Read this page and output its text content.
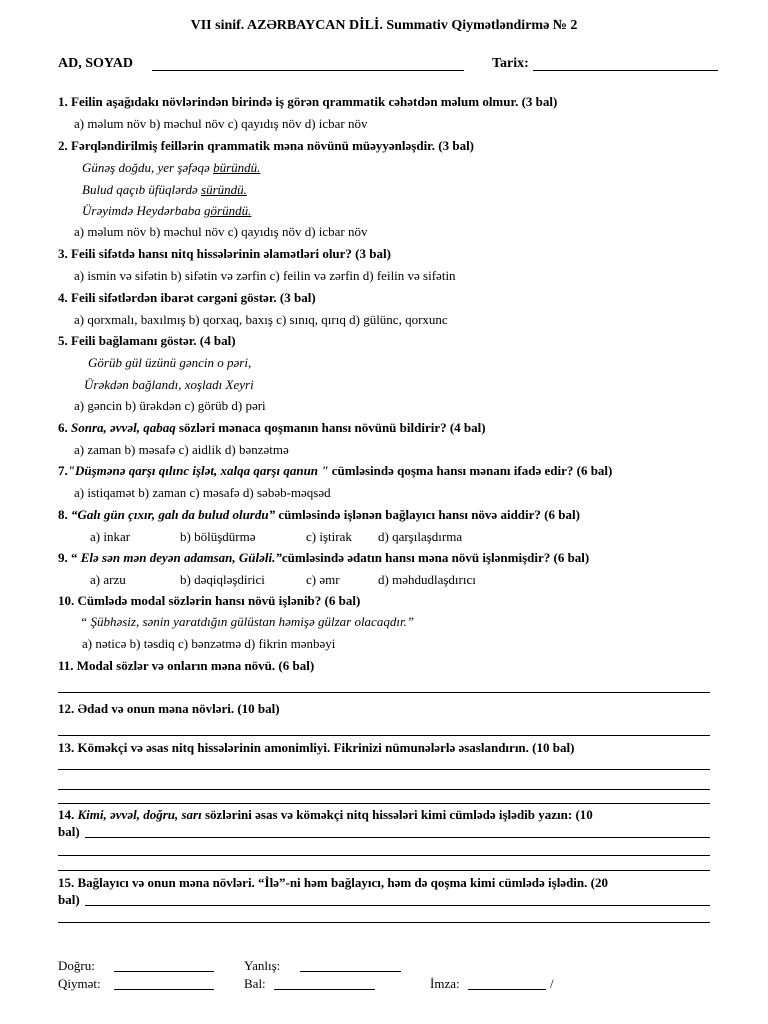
VII sinif. AZƏRBAYCAN DİLİ. Summativ Qiymətləndirmə № 2
AD, SOYAD	Tarix:
1. Feilin aşağıdakı növlərindən birində iş görən qrammatik cəhətdən məlum olmur. (3 bal)
a) məlum növ b) məchul növ c) qayıdış növ d) icbar növ
2. Fərqləndirilmiş feillərin qrammatik məna növünü müəyyənləşdir. (3 bal)
Günəş doğdu, yer şəfəqə büründü.
Bulud qaçıb üfüqlərdə süründü.
Ürəyimdə Heydərbaba göründü.
a) məlum növ b) məchul növ c) qayıdış növ d) icbar növ
3. Feili sifətdə hansı nitq hissələrinin əlamətləri olur? (3 bal)
a) ismin və sifətin b) sifətin və zərfin c) feilin və zərfin d) feilin və sifətin
4. Feili sifətlərdən ibarət cərgəni göstər. (3 bal)
a) qorxmalı, baxılmış b) qorxaq, baxış c) sınıq, qırıq d) gülünc, qorxunc
5. Feili bağlamanı göstər. (4 bal)
Görüb gül üzünü gəncin o pəri,
Ürəkdən bağlandı, xoşladı Xeyri
a) gəncin b) ürəkdən c) görüb d) pəri
6. Sonra, əvvəl, qabaq sözləri mənaca qoşmanın hansı növünü bildirir? (4 bal)
a) zaman b) məsafə c) aidlik d) bənzətmə
7."Düşmənə qarşı qılınc işlət, xalqa qarşı qanun " cümləsində qoşma hansı mənanı ifadə edir? (6 bal)
a) istiqamət b) zaman c) məsafə d) səbəb-məqsəd
8. “Galı gün çıxır, galı da bulud olurdu” cümləsində işlənən bağlayıcı hansı növə aiddir? (6 bal)
a) inkar	b) bölüşdürmə	c) iştirak d) qarşılaşdırma
9. “ Elə sən mən deyən adamsan, Güləli.”cümləsində ədatın hansı məna növü işlənmişdir? (6 bal)
a) arzu	b) dəqiqləşdirici	c) əmr	d) məhdudlaşdırıcı
10. Cümlədə modal sözlərin hansı növü işlənib? (6 bal)
“ Şübhəsiz, sənin yaratdığın gülüstan həmişə gülzar olacaqdır.”
a) nəticə b) təsdiq c) bənzətmə d) fikrin mənbəyi
11. Modal sözlər və onların məna növü. (6 bal)
12. Ədad və onun məna növləri. (10 bal)
13. Köməkçi və əsas nitq hissələrinin amonimliyi. Fikrinizi nümunələrlə əsaslandırın. (10 bal)
14. Kimi, əvvəl, doğru, sarı sözlərini əsas və köməkçi nitq hissələri kimi cümlədə işlədib yazın: (10
bal)
15. Bağlayıcı və onun məna növləri. “İlə”-ni həm bağlayıcı, həm də qoşma kimi cümlədə işlədin. (20
bal)
Doğru:	Yanlış:
Qiymət:	Bal:	İmza:	/
